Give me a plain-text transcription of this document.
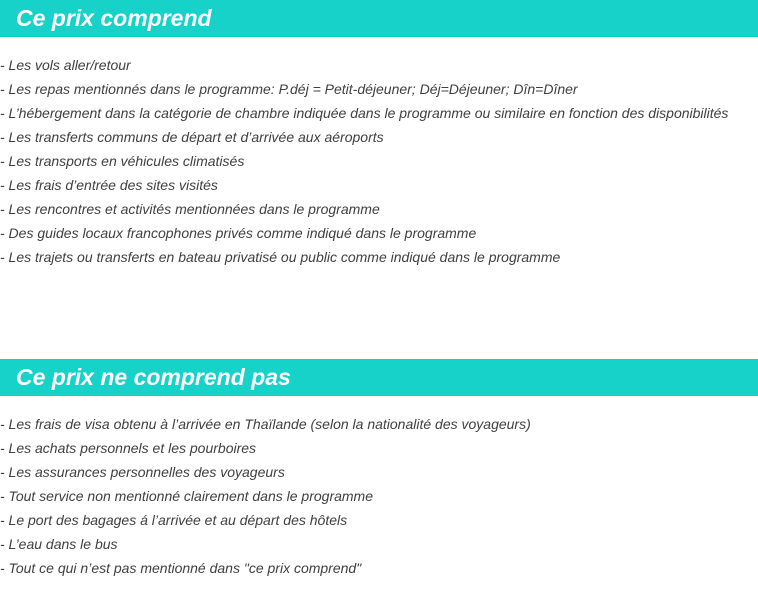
Ce prix comprend
- Les vols aller/retour
- Les repas mentionnés dans le programme: P.déj = Petit-déjeuner; Déj=Déjeuner; Dîn=Dîner
- L’hébergement dans la catégorie de chambre indiquée dans le programme ou similaire en fonction des disponibilités
- Les transferts communs de départ et d’arrivée aux aéroports
- Les transports en véhicules climatisés
- Les frais d’entrée des sites visités
- Les rencontres et activités mentionnées dans le programme
- Des guides locaux francophones privés comme indiqué dans le programme
- Les trajets ou transferts en bateau privatisé ou public comme indiqué dans le programme
Ce prix ne comprend pas
- Les frais de visa obtenu à l’arrivée en Thaïlande (selon la nationalité des voyageurs)
- Les achats personnels et les pourboires
- Les assurances personnelles des voyageurs
- Tout service non mentionné clairement dans le programme
- Le port des bagages á l’arrivée et au départ des hôtels
- L’eau dans le bus
- Tout ce qui n’est pas mentionné dans "ce prix comprend"
